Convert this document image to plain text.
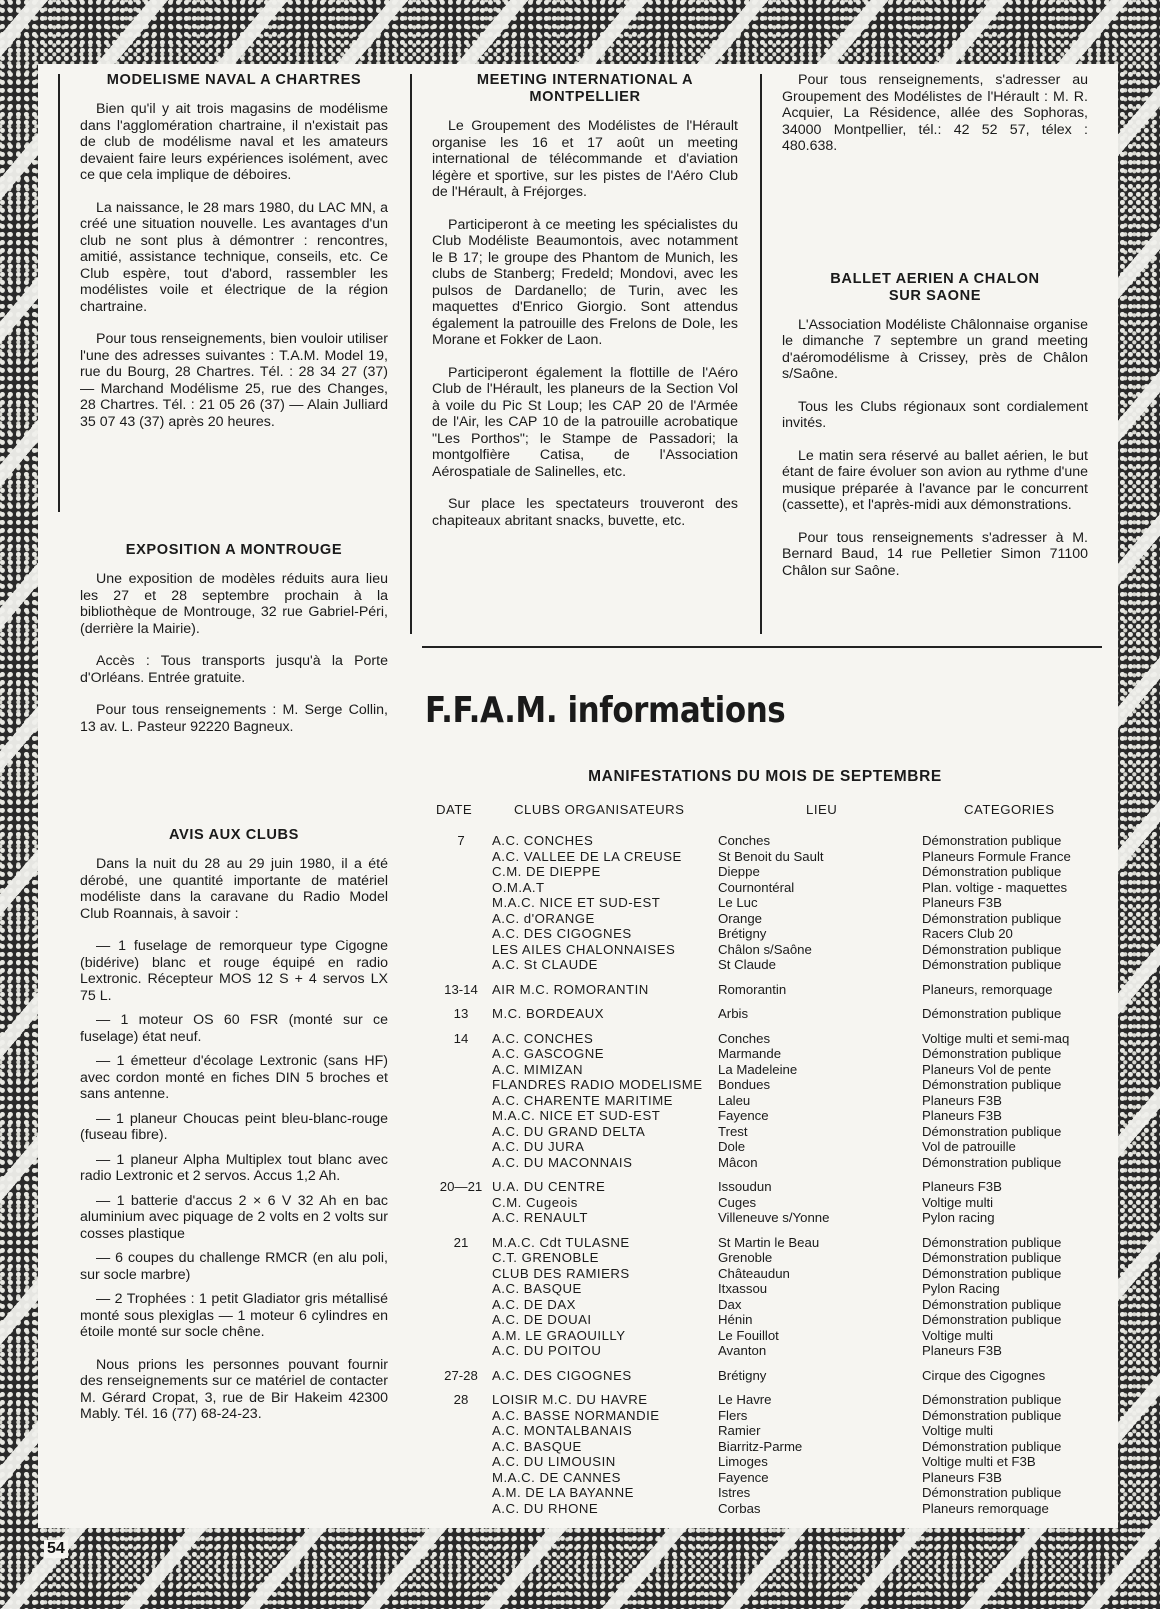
MODELISME NAVAL A CHARTRES

Bien qu'il y ait trois magasins de modélisme dans l'agglomération chartraine, il n'existait pas de club de modélisme naval et les amateurs devaient faire leurs expériences isolément, avec ce que cela implique de déboires.

La naissance, le 28 mars 1980, du LAC MN, a créé une situation nouvelle. Les avantages d'un club ne sont plus à démontrer : rencontres, amitié, assistance technique, conseils, etc. Ce Club espère, tout d'abord, rassembler les modélistes voile et électrique de la région chartraine.

Pour tous renseignements, bien vouloir utiliser l'une des adresses suivantes : T.A.M. Model 19, rue du Bourg, 28 Chartres. Tél. : 28 34 27 (37) — Marchand Modélisme 25, rue des Changes, 28 Chartres. Tél. : 21 05 26 (37) — Alain Julliard 35 07 43 (37) après 20 heures.

EXPOSITION A MONTROUGE

Une exposition de modèles réduits aura lieu les 27 et 28 septembre prochain à la bibliothèque de Montrouge, 32 rue Gabriel-Péri, (derrière la Mairie).

Accès : Tous transports jusqu'à la Porte d'Orléans. Entrée gratuite.

Pour tous renseignements : M. Serge Collin, 13 av. L. Pasteur 92220 Bagneux.

AVIS AUX CLUBS

Dans la nuit du 28 au 29 juin 1980, il a été dérobé, une quantité importante de matériel modéliste dans la caravane du Radio Model Club Roannais, à savoir :

— 1 fuselage de remorqueur type Cigogne (bidérive) blanc et rouge équipé en radio Lextronic. Récepteur MOS 12 S + 4 servos LX 75 L.

— 1 moteur OS 60 FSR (monté sur ce fuselage) état neuf.

— 1 émetteur d'écolage Lextronic (sans HF) avec cordon monté en fiches DIN 5 broches et sans antenne.

— 1 planeur Choucas peint bleu-blanc-rouge (fuseau fibre).

— 1 planeur Alpha Multiplex tout blanc avec radio Lextronic et 2 servos. Accus 1,2 Ah.

— 1 batterie d'accus 2 × 6 V 32 Ah en bac aluminium avec piquage de 2 volts en 2 volts sur cosses plastique

— 6 coupes du challenge RMCR (en alu poli, sur socle marbre)

— 2 Trophées : 1 petit Gladiator gris métallisé monté sous plexiglas — 1 moteur 6 cylindres en étoile monté sur socle chêne.

Nous prions les personnes pouvant fournir des renseignements sur ce matériel de contacter M. Gérard Cropat, 3, rue de Bir Hakeim 42300 Mably. Tél. 16 (77) 68-24-23.

MEETING INTERNATIONAL A MONTPELLIER

Le Groupement des Modélistes de l'Hérault organise les 16 et 17 août un meeting international de télécommande et d'aviation légère et sportive, sur les pistes de l'Aéro Club de l'Hérault, à Fréjorges.

Participeront à ce meeting les spécialistes du Club Modéliste Beaumontois, avec notamment le B 17; le groupe des Phantom de Munich, les clubs de Stanberg; Fredeld; Mondovi, avec les pulsos de Dardanello; de Turin, avec les maquettes d'Enrico Giorgio. Sont attendus également la patrouille des Frelons de Dole, les Morane et Fokker de Laon.

Participeront également la flottille de l'Aéro Club de l'Hérault, les planeurs de la Section Vol à voile du Pic St Loup; les CAP 20 de l'Armée de l'Air, les CAP 10 de la patrouille acrobatique "Les Porthos"; le Stampe de Passadori; la montgolfière Catisa, de l'Association Aérospatiale de Salinelles, etc.

Sur place les spectateurs trouveront des chapiteaux abritant snacks, buvette, etc.

Pour tous renseignements, s'adresser au Groupement des Modélistes de l'Hérault : M. R. Acquier, La Résidence, allée des Sophoras, 34000 Montpellier, tél.: 42 52 57, télex : 480.638.

BALLET AERIEN A CHALON SUR SAONE

L'Association Modéliste Châlonnaise organise le dimanche 7 septembre un grand meeting d'aéromodélisme à Crissey, près de Châlon s/Saône.

Tous les Clubs régionaux sont cordialement invités.

Le matin sera réservé au ballet aérien, le but étant de faire évoluer son avion au rythme d'une musique préparée à l'avance par le concurrent (cassette), et l'après-midi aux démonstrations.

Pour tous renseignements s'adresser à M. Bernard Baud, 14 rue Pelletier Simon 71100 Châlon sur Saône.

F.F.A.M. informations
MANIFESTATIONS DU MOIS DE SEPTEMBRE
DATE	CLUBS ORGANISATEURS	LIEU	CATEGORIES
7	A.C. CONCHES	Conches	Démonstration publique
	A.C. VALLEE DE LA CREUSE	St Benoit du Sault	Planeurs Formule France
	C.M. DE DIEPPE	Dieppe	Démonstration publique
	O.M.A.T	Cournontéral	Plan. voltige - maquettes
	M.A.C. NICE ET SUD-EST	Le Luc	Planeurs F3B
	A.C. d'ORANGE	Orange	Démonstration publique
	A.C. DES CIGOGNES	Brétigny	Racers Club 20
	LES AILES CHALONNAISES	Châlon s/Saône	Démonstration publique
	A.C. St CLAUDE	St Claude	Démonstration publique
13-14	AIR M.C. ROMORANTIN	Romorantin	Planeurs, remorquage
13	M.C. BORDEAUX	Arbis	Démonstration publique
14	A.C. CONCHES	Conches	Voltige multi et semi-maq
	A.C. GASCOGNE	Marmande	Démonstration publique
	A.C. MIMIZAN	La Madeleine	Planeurs Vol de pente
	FLANDRES RADIO MODELISME	Bondues	Démonstration publique
	A.C. CHARENTE MARITIME	Laleu	Planeurs F3B
	M.A.C. NICE ET SUD-EST	Fayence	Planeurs F3B
	A.C. DU GRAND DELTA	Trest	Démonstration publique
	A.C. DU JURA	Dole	Vol de patrouille
	A.C. DU MACONNAIS	Mâcon	Démonstration publique
20—21	U.A. DU CENTRE	Issoudun	Planeurs F3B
	C.M. Cugeois	Cuges	Voltige multi
	A.C. RENAULT	Villeneuve s/Yonne	Pylon racing
21	M.A.C. Cdt TULASNE	St Martin le Beau	Démonstration publique
	C.T. GRENOBLE	Grenoble	Démonstration publique
	CLUB DES RAMIERS	Châteaudun	Démonstration publique
	A.C. BASQUE	Itxassou	Pylon Racing
	A.C. DE DAX	Dax	Démonstration publique
	A.C. DE DOUAI	Hénin	Démonstration publique
	A.M. LE GRAOUILLY	Le Fouillot	Voltige multi
	A.C. DU POITOU	Avanton	Planeurs F3B
27-28	A.C. DES CIGOGNES	Brétigny	Cirque des Cigognes
28	LOISIR M.C. DU HAVRE	Le Havre	Démonstration publique
	A.C. BASSE NORMANDIE	Flers	Démonstration publique
	A.C. MONTALBANAIS	Ramier	Voltige multi
	A.C. BASQUE	Biarritz-Parme	Démonstration publique
	A.C. DU LIMOUSIN	Limoges	Voltige multi et F3B
	M.A.C. DE CANNES	Fayence	Planeurs F3B
	A.M. DE LA BAYANNE	Istres	Démonstration publique
	A.C. DU RHONE	Corbas	Planeurs remorquage
54
